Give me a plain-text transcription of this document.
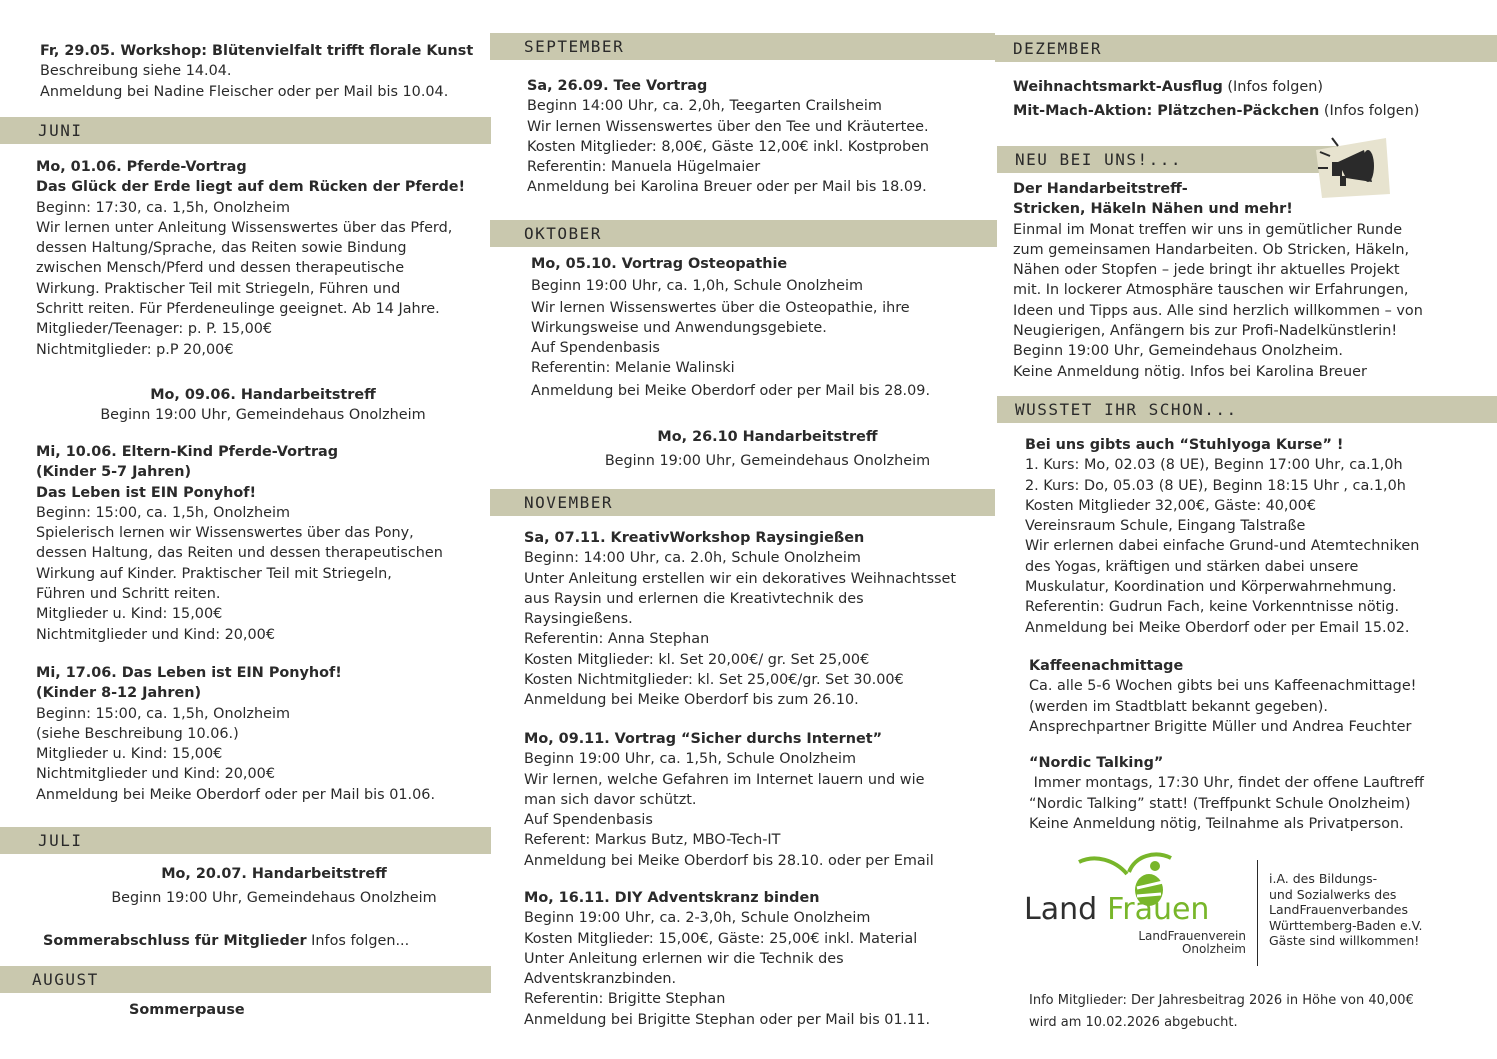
Fr, 29.05. Workshop: Blütenvielfalt trifft florale Kunst
Beschreibung siehe 14.04.
Anmeldung bei Nadine Fleischer oder per Mail bis 10.04.
JUNI
Mo, 01.06. Pferde-Vortrag
Das Glück der Erde liegt auf dem Rücken der Pferde!
Beginn: 17:30, ca. 1,5h, Onolzheim
Wir lernen unter Anleitung Wissenswertes über das Pferd,
dessen Haltung/Sprache, das Reiten sowie Bindung
zwischen Mensch/Pferd und dessen therapeutische
Wirkung. Praktischer Teil mit Striegeln, Führen und
Schritt reiten. Für Pferdeneulinge geeignet. Ab 14 Jahre.
Mitglieder/Teenager: p. P. 15,00€
Nichtmitglieder: p.P 20,00€
Mo, 09.06. Handarbeitstreff
Beginn 19:00 Uhr, Gemeindehaus Onolzheim
Mi, 10.06. Eltern-Kind Pferde-Vortrag
(Kinder 5-7 Jahren)
Das Leben ist EIN Ponyhof!
Beginn: 15:00, ca. 1,5h, Onolzheim
Spielerisch lernen wir Wissenswertes über das Pony,
dessen Haltung, das Reiten und dessen therapeutischen
Wirkung auf Kinder. Praktischer Teil mit Striegeln,
Führen und Schritt reiten.
Mitglieder u. Kind: 15,00€
Nichtmitglieder und Kind: 20,00€
Mi, 17.06. Das Leben ist EIN Ponyhof!
(Kinder 8-12 Jahren)
Beginn: 15:00, ca. 1,5h, Onolzheim
(siehe Beschreibung 10.06.)
Mitglieder u. Kind: 15,00€
Nichtmitglieder und Kind: 20,00€
Anmeldung bei Meike Oberdorf oder per Mail bis 01.06.
JULI
Mo, 20.07. Handarbeitstreff
Beginn 19:00 Uhr, Gemeindehaus Onolzheim
Sommerabschluss für Mitglieder Infos folgen...
AUGUST
Sommerpause
SEPTEMBER
Sa, 26.09. Tee Vortrag
Beginn 14:00 Uhr, ca. 2,0h, Teegarten Crailsheim
Wir lernen Wissenswertes über den Tee und Kräutertee.
Kosten Mitglieder: 8,00€, Gäste 12,00€ inkl. Kostproben
Referentin: Manuela Hügelmaier
Anmeldung bei Karolina Breuer oder per Mail bis 18.09.
OKTOBER
Mo, 05.10. Vortrag Osteopathie
Beginn 19:00 Uhr, ca. 1,0h, Schule Onolzheim
Wir lernen Wissenswertes über die Osteopathie, ihre
Wirkungsweise und Anwendungsgebiete.
Auf Spendenbasis
Referentin: Melanie Walinski
Anmeldung bei Meike Oberdorf oder per Mail bis 28.09.
Mo, 26.10 Handarbeitstreff
Beginn 19:00 Uhr, Gemeindehaus Onolzheim
NOVEMBER
Sa, 07.11. KreativWorkshop Raysingießen
Beginn: 14:00 Uhr, ca. 2.0h, Schule Onolzheim
Unter Anleitung erstellen wir ein dekoratives Weihnachtsset
aus Raysin und erlernen die Kreativtechnik des
Raysingießens.
Referentin: Anna Stephan
Kosten Mitglieder: kl. Set 20,00€/ gr. Set 25,00€
Kosten Nichtmitglieder: kl. Set 25,00€/gr. Set 30.00€
Anmeldung bei Meike Oberdorf bis zum 26.10.
Mo, 09.11. Vortrag “Sicher durchs Internet”
Beginn 19:00 Uhr, ca. 1,5h, Schule Onolzheim
Wir lernen, welche Gefahren im Internet lauern und wie
man sich davor schützt.
Auf Spendenbasis
Referent: Markus Butz, MBO-Tech-IT
Anmeldung bei Meike Oberdorf bis 28.10. oder per Email
Mo, 16.11. DIY Adventskranz binden
Beginn 19:00 Uhr, ca. 2-3,0h, Schule Onolzheim
Kosten Mitglieder: 15,00€, Gäste: 25,00€ inkl. Material
Unter Anleitung erlernen wir die Technik des
Adventskranzbinden.
Referentin: Brigitte Stephan
Anmeldung bei Brigitte Stephan oder per Mail bis 01.11.
DEZEMBER
Weihnachtsmarkt-Ausflug (Infos folgen)
Mit-Mach-Aktion: Plätzchen-Päckchen (Infos folgen)
NEU BEI UNS!...
Der Handarbeitstreff-
Stricken, Häkeln Nähen und mehr!
Einmal im Monat treffen wir uns in gemütlicher Runde
zum gemeinsamen Handarbeiten. Ob Stricken, Häkeln,
Nähen oder Stopfen – jede bringt ihr aktuelles Projekt
mit. In lockerer Atmosphäre tauschen wir Erfahrungen,
Ideen und Tipps aus. Alle sind herzlich willkommen – von
Neugierigen, Anfängern bis zur Profi-Nadelkünstlerin!
Beginn 19:00 Uhr, Gemeindehaus Onolzheim.
Keine Anmeldung nötig. Infos bei Karolina Breuer
WUSSTET IHR SCHON...
Bei uns gibts auch “Stuhlyoga Kurse” !
1. Kurs: Mo, 02.03 (8 UE), Beginn 17:00 Uhr, ca.1,0h
2. Kurs: Do, 05.03 (8 UE), Beginn 18:15 Uhr , ca.1,0h
Kosten Mitglieder 32,00€, Gäste: 40,00€
Vereinsraum Schule, Eingang Talstraße
Wir erlernen dabei einfache Grund-und Atemtechniken
des Yogas, kräftigen und stärken dabei unsere
Muskulatur, Koordination und Körperwahrnehmung.
Referentin: Gudrun Fach, keine Vorkenntnisse nötig.
Anmeldung bei Meike Oberdorf oder per Email 15.02.
Kaffeenachmittage
Ca. alle 5-6 Wochen gibts bei uns Kaffeenachmittage!
(werden im Stadtblatt bekannt gegeben).
Ansprechpartner Brigitte Müller und Andrea Feuchter
“Nordic Talking”
Immer montags, 17:30 Uhr, findet der offene Lauftreff
“Nordic Talking” statt! (Treffpunkt Schule Onolzheim)
Keine Anmeldung nötig, Teilnahme als Privatperson.
Land Frauen
LandFrauenverein
Onolzheim
i.A. des Bildungs-
und Sozialwerks des
LandFrauenverbandes
Württemberg-Baden e.V.
Gäste sind willkommen!
Info Mitglieder: Der Jahresbeitrag 2026 in Höhe von 40,00€
wird am 10.02.2026 abgebucht.
